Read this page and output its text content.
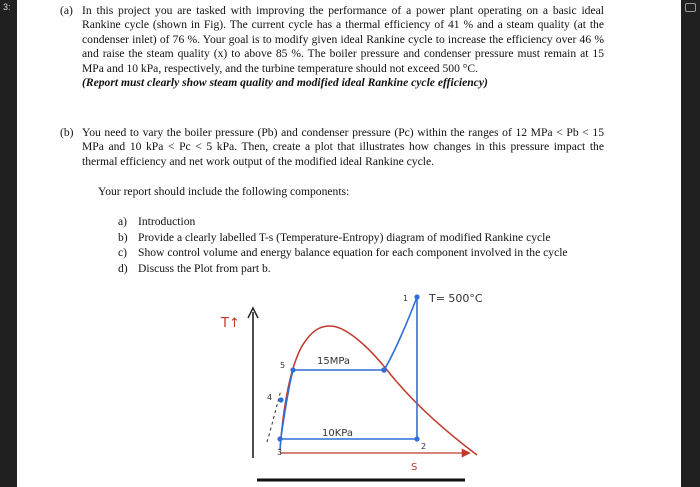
3:	(a) In this project you are tasked with improving the performance of a power plant operating on a basic ideal Rankine cycle (shown in Fig). The current cycle has a thermal efficiency of 41 % and a steam quality (at the condenser inlet) of 76 %. Your goal is to modify given ideal Rankine cycle to increase the efficiency over 46 % and raise the steam quality (x) to above 85 %. The boiler pressure and condenser pressure must remain at 15 MPa and 10 kPa, respectively, and the turbine temperature should not exceed 500 °C.
(Report must clearly show steam quality and modified ideal Rankine cycle efficiency)

(b) You need to vary the boiler pressure (Pb) and condenser pressure (Pc) within the ranges of 12 MPa < Pb < 15 MPa and 10 kPa < Pc < 5 kPa. Then, create a plot that illustrates how changes in this pressure impact the thermal efficiency and net work output of the modified ideal Rankine cycle.

Your report should include the following components:
a) Introduction
b) Provide a clearly labelled T-s (Temperature-Entropy) diagram of modified Rankine cycle
c) Show control volume and energy balance equation for each component involved in the cycle
d) Discuss the Plot from part b.
T↑
T= 500°C
15MPa
10KPa
1
2
3
4
5
S
